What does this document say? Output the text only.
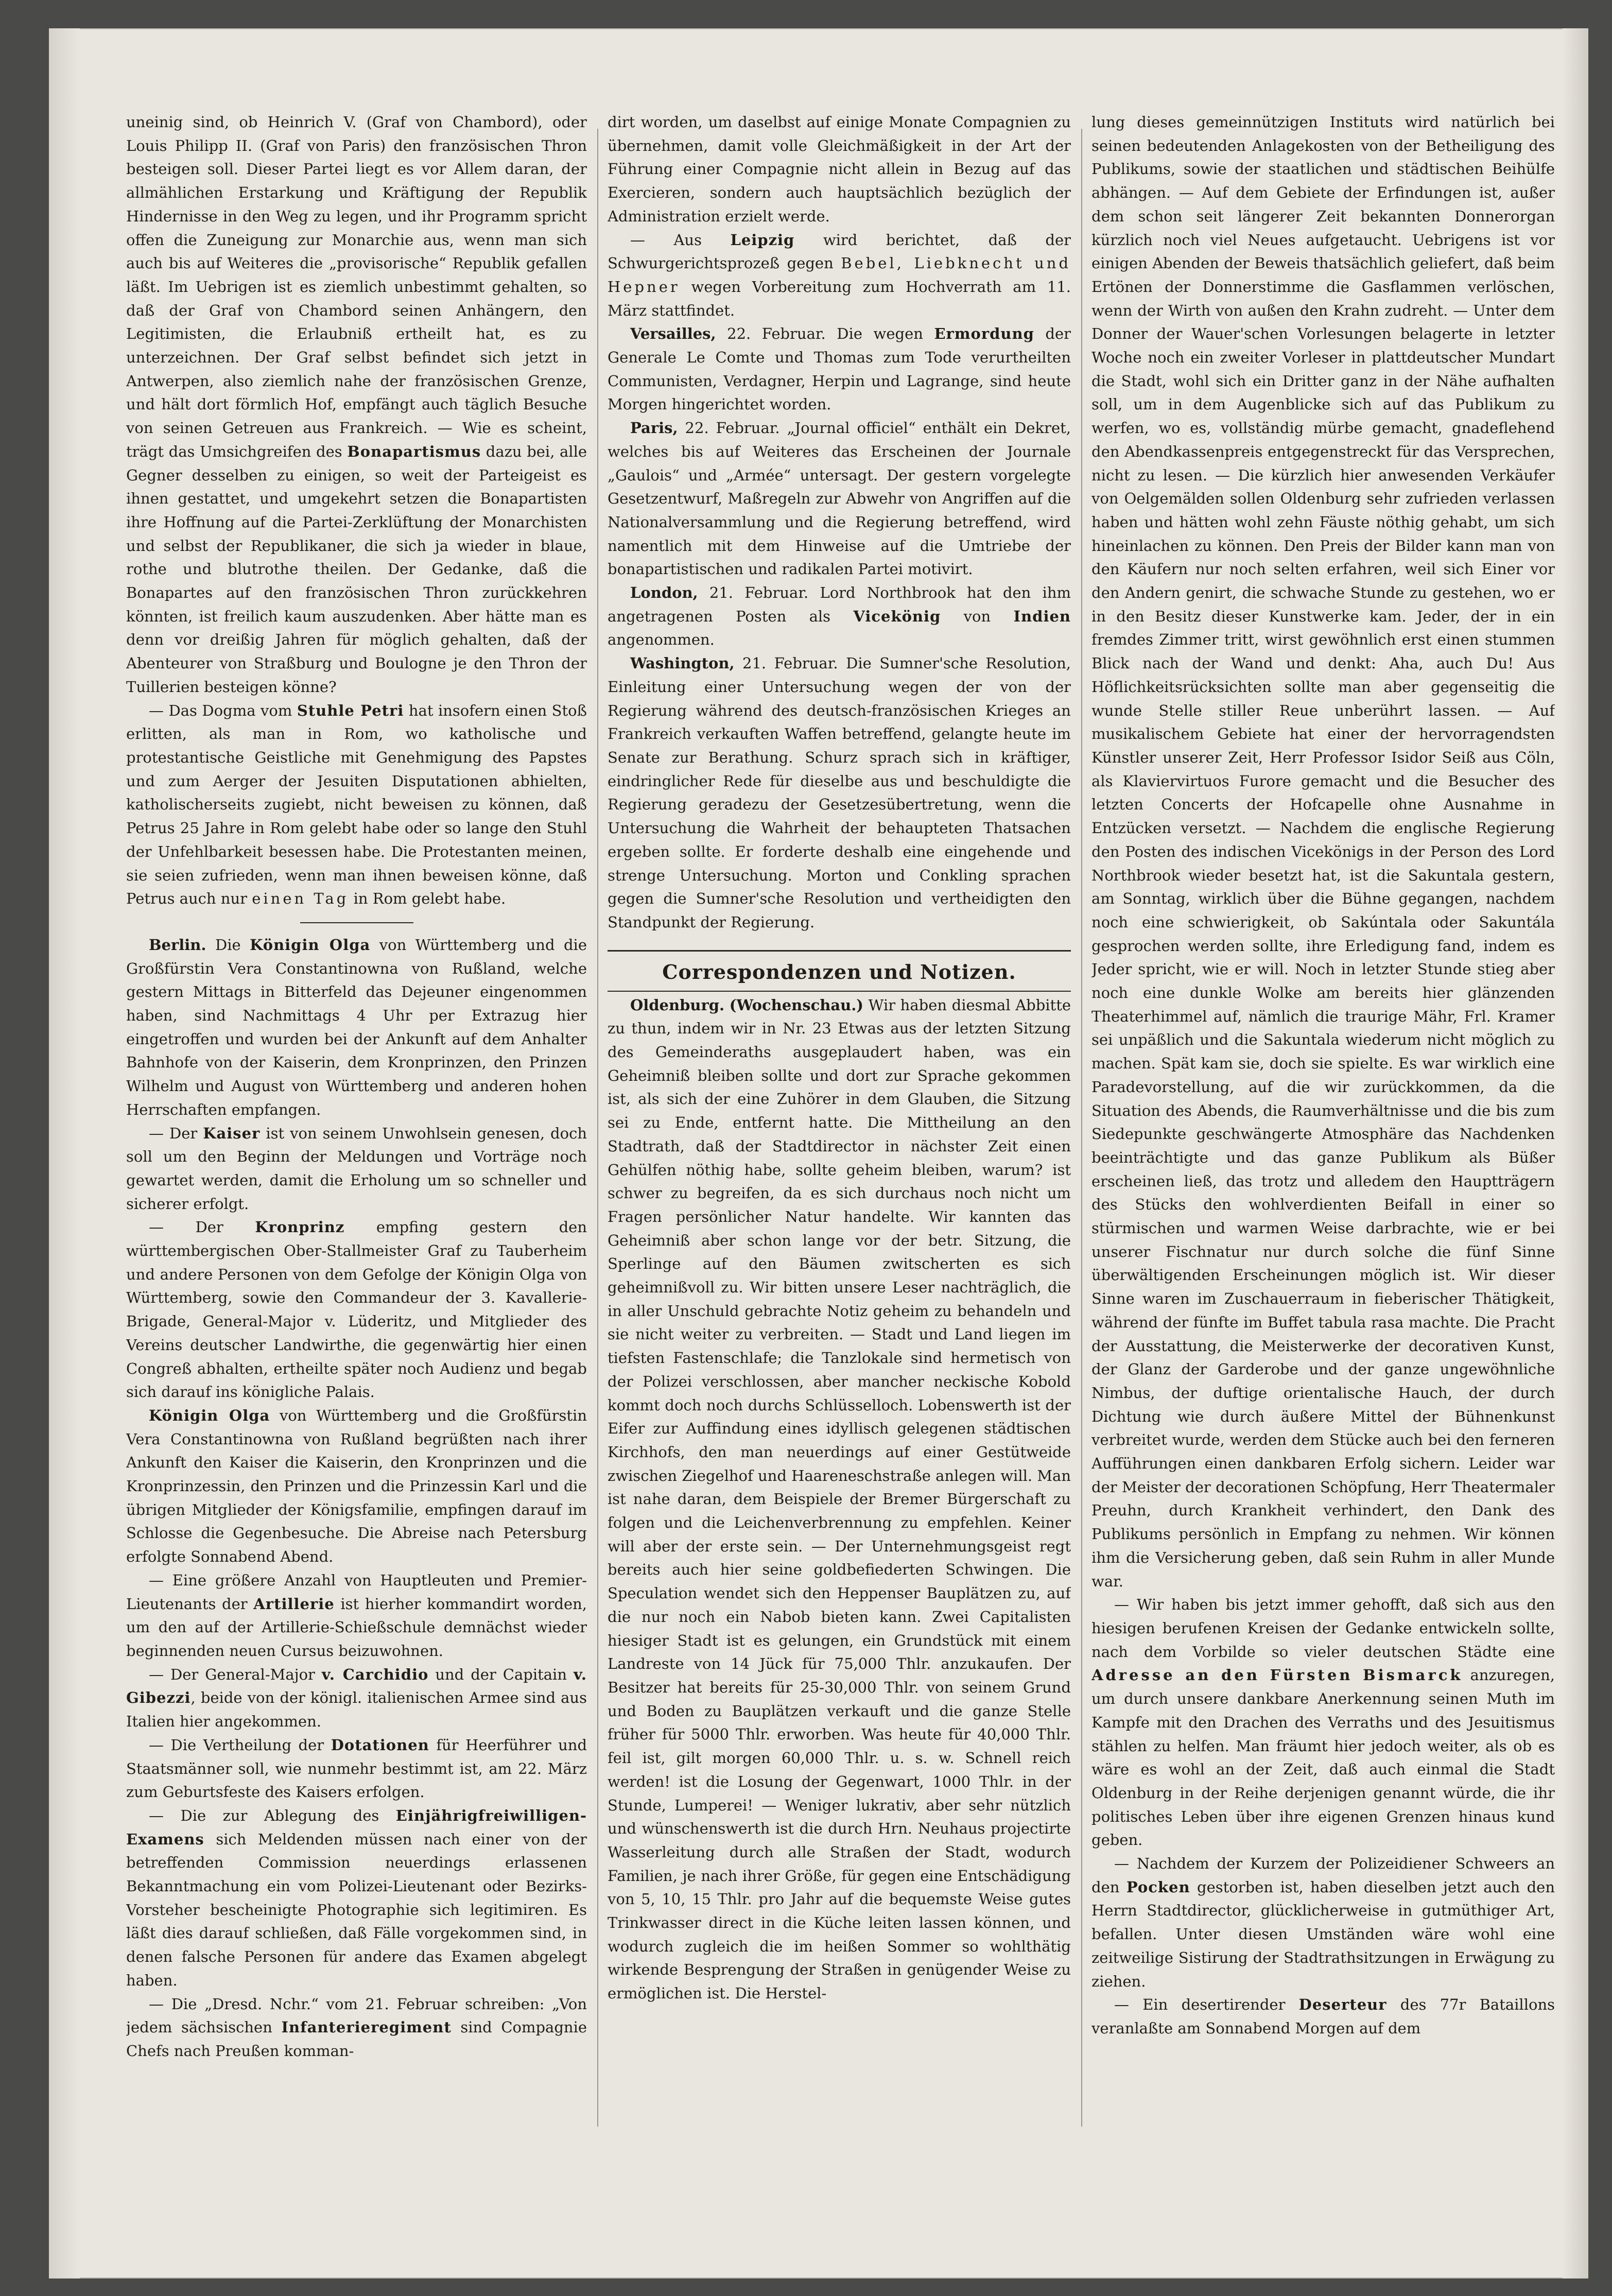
uneinig sind, ob Heinrich V. (Graf von Chambord), oder Louis Philipp II. (Graf von Paris) den französischen Thron besteigen soll. Dieser Partei liegt es vor Allem daran, der allmählichen Erstarkung und Kräftigung der Republik Hindernisse in den Weg zu legen, und ihr Programm spricht offen die Zuneigung zur Monarchie aus, wenn man sich auch bis auf Weiteres die „provisorische“ Republik gefallen läßt. Im Uebrigen ist es ziemlich unbestimmt gehalten, so daß der Graf von Chambord seinen Anhängern, den Legitimisten, die Erlaubniß ertheilt hat, es zu unterzeichnen. Der Graf selbst befindet sich jetzt in Antwerpen, also ziemlich nahe der französischen Grenze, und hält dort förmlich Hof, empfängt auch täglich Besuche von seinen Getreuen aus Frankreich. — Wie es scheint, trägt das Umsichgreifen des Bonapartismus dazu bei, alle Gegner desselben zu einigen, so weit der Parteigeist es ihnen gestattet, und umgekehrt setzen die Bonapartisten ihre Hoffnung auf die Partei-Zerklüftung der Monarchisten und selbst der Republikaner, die sich ja wieder in blaue, rothe und blutrothe theilen. Der Gedanke, daß die Bonapartes auf den französischen Thron zurückkehren könnten, ist freilich kaum auszudenken. Aber hätte man es denn vor dreißig Jahren für möglich gehalten, daß der Abenteurer von Straßburg und Boulogne je den Thron der Tuillerien besteigen könne?

— Das Dogma vom Stuhle Petri hat insofern einen Stoß erlitten, als man in Rom, wo katholische und protestantische Geistliche mit Genehmigung des Papstes und zum Aerger der Jesuiten Disputationen abhielten, katholischerseits zugiebt, nicht beweisen zu können, daß Petrus 25 Jahre in Rom gelebt habe oder so lange den Stuhl der Unfehlbarkeit besessen habe. Die Protestanten meinen, sie seien zufrieden, wenn man ihnen beweisen könne, daß Petrus auch nur einen Tag in Rom gelebt habe.

Berlin. Die Königin Olga von Württemberg und die Großfürstin Vera Constantinowna von Rußland, welche gestern Mittags in Bitterfeld das Dejeuner eingenommen haben, sind Nachmittags 4 Uhr per Extrazug hier eingetroffen und wurden bei der Ankunft auf dem Anhalter Bahnhofe von der Kaiserin, dem Kronprinzen, den Prinzen Wilhelm und August von Württemberg und anderen hohen Herrschaften empfangen.

— Der Kaiser ist von seinem Unwohlsein genesen, doch soll um den Beginn der Meldungen und Vorträge noch gewartet werden, damit die Erholung um so schneller und sicherer erfolgt.

— Der Kronprinz empfing gestern den württembergischen Ober-Stallmeister Graf zu Tauberheim und andere Personen von dem Gefolge der Königin Olga von Württemberg, sowie den Commandeur der 3. Kavallerie-Brigade, General-Major v. Lüderitz, und Mitglieder des Vereins deutscher Landwirthe, die gegenwärtig hier einen Congreß abhalten, ertheilte später noch Audienz und begab sich darauf ins königliche Palais.

Königin Olga von Württemberg und die Großfürstin Vera Constantinowna von Rußland begrüßten nach ihrer Ankunft den Kaiser die Kaiserin, den Kronprinzen und die Kronprinzessin, den Prinzen und die Prinzessin Karl und die übrigen Mitglieder der Königsfamilie, empfingen darauf im Schlosse die Gegenbesuche. Die Abreise nach Petersburg erfolgte Sonnabend Abend.

— Eine größere Anzahl von Hauptleuten und Premier-Lieutenants der Artillerie ist hierher kommandirt worden, um den auf der Artillerie-Schießschule demnächst wieder beginnenden neuen Cursus beizuwohnen.

— Der General-Major v. Carchidio und der Capitain v. Gibezzi, beide von der königl. italienischen Armee sind aus Italien hier angekommen.

— Die Vertheilung der Dotationen für Heerführer und Staatsmänner soll, wie nunmehr bestimmt ist, am 22. März zum Geburtsfeste des Kaisers erfolgen.

— Die zur Ablegung des Einjährigfreiwilligen-Examens sich Meldenden müssen nach einer von der betreffenden Commission neuerdings erlassenen Bekanntmachung ein vom Polizei-Lieutenant oder Bezirks-Vorsteher bescheinigte Photographie sich legitimiren. Es läßt dies darauf schließen, daß Fälle vorgekommen sind, in denen falsche Personen für andere das Examen abgelegt haben.

— Die „Dresd. Nchr.“ vom 21. Februar schreiben: „Von jedem sächsischen Infanterieregiment sind Compagnie Chefs nach Preußen komman-

dirt worden, um daselbst auf einige Monate Compagnien zu übernehmen, damit volle Gleichmäßigkeit in der Art der Führung einer Compagnie nicht allein in Bezug auf das Exercieren, sondern auch hauptsächlich bezüglich der Administration erzielt werde.

— Aus Leipzig wird berichtet, daß der Schwurgerichtsprozeß gegen Bebel, Liebknecht und Hepner wegen Vorbereitung zum Hochverrath am 11. März stattfindet.

Versailles, 22. Februar. Die wegen Ermordung der Generale Le Comte und Thomas zum Tode verurtheilten Communisten, Verdagner, Herpin und Lagrange, sind heute Morgen hingerichtet worden.

Paris, 22. Februar. „Journal officiel“ enthält ein Dekret, welches bis auf Weiteres das Erscheinen der Journale „Gaulois“ und „Armée“ untersagt. Der gestern vorgelegte Gesetzentwurf, Maßregeln zur Abwehr von Angriffen auf die Nationalversammlung und die Regierung betreffend, wird namentlich mit dem Hinweise auf die Umtriebe der bonapartistischen und radikalen Partei motivirt.

London, 21. Februar. Lord Northbrook hat den ihm angetragenen Posten als Vicekönig von Indien angenommen.

Washington, 21. Februar. Die Sumner'sche Resolution, Einleitung einer Untersuchung wegen der von der Regierung während des deutsch-französischen Krieges an Frankreich verkauften Waffen betreffend, gelangte heute im Senate zur Berathung. Schurz sprach sich in kräftiger, eindringlicher Rede für dieselbe aus und beschuldigte die Regierung geradezu der Gesetzesübertretung, wenn die Untersuchung die Wahrheit der behaupteten Thatsachen ergeben sollte. Er forderte deshalb eine eingehende und strenge Untersuchung. Morton und Conkling sprachen gegen die Sumner'sche Resolution und vertheidigten den Standpunkt der Regierung.

Correspondenzen und Notizen.

Oldenburg. (Wochenschau.) Wir haben diesmal Abbitte zu thun, indem wir in Nr. 23 Etwas aus der letzten Sitzung des Gemeinderaths ausgeplaudert haben, was ein Geheimniß bleiben sollte und dort zur Sprache gekommen ist, als sich der eine Zuhörer in dem Glauben, die Sitzung sei zu Ende, entfernt hatte. Die Mittheilung an den Stadtrath, daß der Stadtdirector in nächster Zeit einen Gehülfen nöthig habe, sollte geheim bleiben, warum? ist schwer zu begreifen, da es sich durchaus noch nicht um Fragen persönlicher Natur handelte. Wir kannten das Geheimniß aber schon lange vor der betr. Sitzung, die Sperlinge auf den Bäumen zwitscherten es sich geheimnißvoll zu. Wir bitten unsere Leser nachträglich, die in aller Unschuld gebrachte Notiz geheim zu behandeln und sie nicht weiter zu verbreiten. — Stadt und Land liegen im tiefsten Fastenschlafe; die Tanzlokale sind hermetisch von der Polizei verschlossen, aber mancher neckische Kobold kommt doch noch durchs Schlüsselloch. Lobenswerth ist der Eifer zur Auffindung eines idyllisch gelegenen städtischen Kirchhofs, den man neuerdings auf einer Gestütweide zwischen Ziegelhof und Haareneschstraße anlegen will. Man ist nahe daran, dem Beispiele der Bremer Bürgerschaft zu folgen und die Leichenverbrennung zu empfehlen. Keiner will aber der erste sein. — Der Unternehmungsgeist regt bereits auch hier seine goldbefiederten Schwingen. Die Speculation wendet sich den Heppenser Bauplätzen zu, auf die nur noch ein Nabob bieten kann. Zwei Capitalisten hiesiger Stadt ist es gelungen, ein Grundstück mit einem Landreste von 14 Jück für 75,000 Thlr. anzukaufen. Der Besitzer hat bereits für 25-30,000 Thlr. von seinem Grund und Boden zu Bauplätzen verkauft und die ganze Stelle früher für 5000 Thlr. erworben. Was heute für 40,000 Thlr. feil ist, gilt morgen 60,000 Thlr. u. s. w. Schnell reich werden! ist die Losung der Gegenwart, 1000 Thlr. in der Stunde, Lumperei! — Weniger lukrativ, aber sehr nützlich und wünschenswerth ist die durch Hrn. Neuhaus projectirte Wasserleitung durch alle Straßen der Stadt, wodurch Familien, je nach ihrer Größe, für gegen eine Entschädigung von 5, 10, 15 Thlr. pro Jahr auf die bequemste Weise gutes Trinkwasser direct in die Küche leiten lassen können, und wodurch zugleich die im heißen Sommer so wohlthätig wirkende Besprengung der Straßen in genügender Weise zu ermöglichen ist. Die Herstel-

lung dieses gemeinnützigen Instituts wird natürlich bei seinen bedeutenden Anlagekosten von der Betheiligung des Publikums, sowie der staatlichen und städtischen Beihülfe abhängen. — Auf dem Gebiete der Erfindungen ist, außer dem schon seit längerer Zeit bekannten Donnerorgan kürzlich noch viel Neues aufgetaucht. Uebrigens ist vor einigen Abenden der Beweis thatsächlich geliefert, daß beim Ertönen der Donnerstimme die Gasflammen verlöschen, wenn der Wirth von außen den Krahn zudreht. — Unter dem Donner der Wauer'schen Vorlesungen belagerte in letzter Woche noch ein zweiter Vorleser in plattdeutscher Mundart die Stadt, wohl sich ein Dritter ganz in der Nähe aufhalten soll, um in dem Augenblicke sich auf das Publikum zu werfen, wo es, vollständig mürbe gemacht, gnadeflehend den Abendkassenpreis entgegenstreckt für das Versprechen, nicht zu lesen. — Die kürzlich hier anwesenden Verkäufer von Oelgemälden sollen Oldenburg sehr zufrieden verlassen haben und hätten wohl zehn Fäuste nöthig gehabt, um sich hineinlachen zu können. Den Preis der Bilder kann man von den Käufern nur noch selten erfahren, weil sich Einer vor den Andern genirt, die schwache Stunde zu gestehen, wo er in den Besitz dieser Kunstwerke kam. Jeder, der in ein fremdes Zimmer tritt, wirst gewöhnlich erst einen stummen Blick nach der Wand und denkt: Aha, auch Du! Aus Höflichkeitsrücksichten sollte man aber gegenseitig die wunde Stelle stiller Reue unberührt lassen. — Auf musikalischem Gebiete hat einer der hervorragendsten Künstler unserer Zeit, Herr Professor Isidor Seiß aus Cöln, als Klaviervirtuos Furore gemacht und die Besucher des letzten Concerts der Hofcapelle ohne Ausnahme in Entzücken versetzt. — Nachdem die englische Regierung den Posten des indischen Vicekönigs in der Person des Lord Northbrook wieder besetzt hat, ist die Sakuntala gestern, am Sonntag, wirklich über die Bühne gegangen, nachdem noch eine schwierigkeit, ob Sakúntala oder Sakuntála gesprochen werden sollte, ihre Erledigung fand, indem es Jeder spricht, wie er will. Noch in letzter Stunde stieg aber noch eine dunkle Wolke am bereits hier glänzenden Theaterhimmel auf, nämlich die traurige Mähr, Frl. Kramer sei unpäßlich und die Sakuntala wiederum nicht möglich zu machen. Spät kam sie, doch sie spielte. Es war wirklich eine Paradevorstellung, auf die wir zurückkommen, da die Situation des Abends, die Raumverhältnisse und die bis zum Siedepunkte geschwängerte Atmosphäre das Nachdenken beeinträchtigte und das ganze Publikum als Büßer erscheinen ließ, das trotz und alledem den Hauptträgern des Stücks den wohlverdienten Beifall in einer so stürmischen und warmen Weise darbrachte, wie er bei unserer Fischnatur nur durch solche die fünf Sinne überwältigenden Erscheinungen möglich ist. Wir dieser Sinne waren im Zuschauerraum in fieberischer Thätigkeit, während der fünfte im Buffet tabula rasa machte. Die Pracht der Ausstattung, die Meisterwerke der decorativen Kunst, der Glanz der Garderobe und der ganze ungewöhnliche Nimbus, der duftige orientalische Hauch, der durch Dichtung wie durch äußere Mittel der Bühnenkunst verbreitet wurde, werden dem Stücke auch bei den ferneren Aufführungen einen dankbaren Erfolg sichern. Leider war der Meister der decorationen Schöpfung, Herr Theatermaler Preuhn, durch Krankheit verhindert, den Dank des Publikums persönlich in Empfang zu nehmen. Wir können ihm die Versicherung geben, daß sein Ruhm in aller Munde war.

— Wir haben bis jetzt immer gehofft, daß sich aus den hiesigen berufenen Kreisen der Gedanke entwickeln sollte, nach dem Vorbilde so vieler deutschen Städte eine Adresse an den Fürsten Bismarck anzuregen, um durch unsere dankbare Anerkennung seinen Muth im Kampfe mit den Drachen des Verraths und des Jesuitismus stählen zu helfen. Man fräumt hier jedoch weiter, als ob es wäre es wohl an der Zeit, daß auch einmal die Stadt Oldenburg in der Reihe derjenigen genannt würde, die ihr politisches Leben über ihre eigenen Grenzen hinaus kund geben.

— Nachdem der Kurzem der Polizeidiener Schweers an den Pocken gestorben ist, haben dieselben jetzt auch den Herrn Stadtdirector, glücklicherweise in gutmüthiger Art, befallen. Unter diesen Umständen wäre wohl eine zeitweilige Sistirung der Stadtrathsitzungen in Erwägung zu ziehen.

— Ein desertirender Deserteur des 77r Bataillons veranlaßte am Sonnabend Morgen auf dem
